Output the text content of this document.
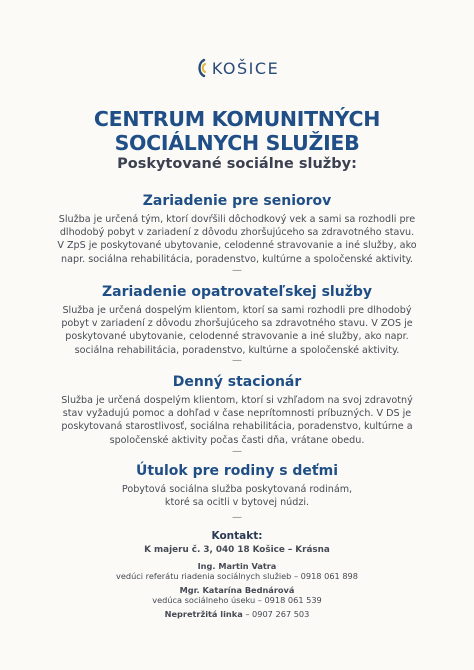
KOŠICE
CENTRUM KOMUNITNÝCH
SOCIÁLNYCH SLUŽIEB
Poskytované sociálne služby:
Zariadenie pre seniorov
Služba je určená tým, ktorí dovŕšili dôchodkový vek a sami sa rozhodli pre
dlhodobý pobyt v zariadení z dôvodu zhoršujúceho sa zdravotného stavu.
V ZpS je poskytované ubytovanie, celodenné stravovanie a iné služby, ako
napr. sociálna rehabilitácia, poradenstvo, kultúrne a spoločenské aktivity.
—
Zariadenie opatrovateľskej služby
Služba je určená dospelým klientom, ktorí sa sami rozhodli pre dlhodobý
pobyt v zariadení z dôvodu zhoršujúceho sa zdravotného stavu. V ZOS je
poskytované ubytovanie, celodenné stravovanie a iné služby, ako napr.
sociálna rehabilitácia, poradenstvo, kultúrne a spoločenské aktivity.
—
Denný stacionár
Služba je určená dospelým klientom, ktorí si vzhľadom na svoj zdravotný
stav vyžadujú pomoc a dohľad v čase neprítomnosti príbuzných. V DS je
poskytovaná starostlivosť, sociálna rehabilitácia, poradenstvo, kultúrne a
spoločenské aktivity počas časti dňa, vrátane obedu.
—
Útulok pre rodiny s deťmi
Pobytová sociálna služba poskytovaná rodinám,
ktoré sa ocitli v bytovej núdzi.
—
Kontakt:
K majeru č. 3, 040 18 Košice – Krásna
Ing. Martin Vatra
vedúci referátu riadenia sociálnych služieb – 0918 061 898
Mgr. Katarína Bednárová
vedúca sociálneho úseku – 0918 061 539
Nepretržitá linka – 0907 267 503
